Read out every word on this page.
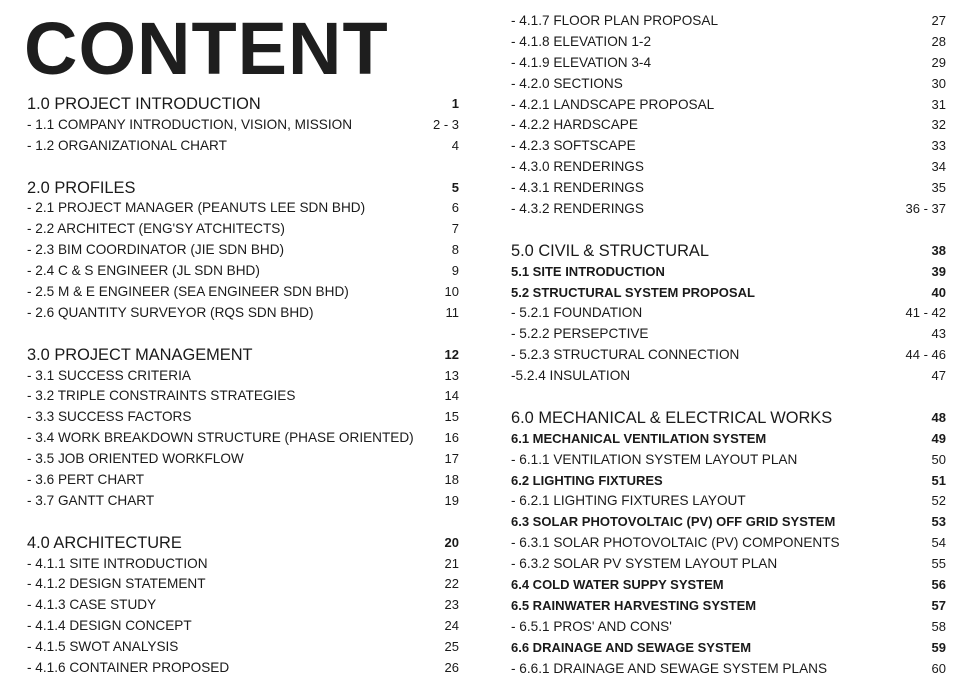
CONTENT
1.0 PROJECT INTRODUCTION	1
- 1.1 COMPANY INTRODUCTION, VISION, MISSION	2 - 3
- 1.2 ORGANIZATIONAL CHART	4
2.0 PROFILES	5
- 2.1 PROJECT MANAGER (PEANUTS LEE SDN BHD)	6
- 2.2 ARCHITECT (ENG'SY ATCHITECTS)	7
- 2.3 BIM COORDINATOR (JIE SDN BHD)	8
- 2.4 C & S ENGINEER (JL SDN BHD)	9
- 2.5 M & E ENGINEER (SEA ENGINEER SDN BHD)	10
- 2.6 QUANTITY SURVEYOR (RQS SDN BHD)	11
3.0 PROJECT MANAGEMENT	12
- 3.1 SUCCESS CRITERIA	13
- 3.2 TRIPLE CONSTRAINTS STRATEGIES	14
- 3.3 SUCCESS FACTORS	15
- 3.4 WORK BREAKDOWN STRUCTURE (PHASE ORIENTED) 16
- 3.5 JOB ORIENTED WORKFLOW	17
- 3.6 PERT CHART	18
- 3.7 GANTT CHART	19
4.0 ARCHITECTURE	20
- 4.1.1 SITE INTRODUCTION	21
- 4.1.2 DESIGN STATEMENT	22
- 4.1.3 CASE STUDY	23
- 4.1.4 DESIGN CONCEPT	24
- 4.1.5 SWOT ANALYSIS	25
- 4.1.6 CONTAINER PROPOSED	26
- 4.1.7 FLOOR PLAN PROPOSAL	27
- 4.1.8 ELEVATION 1-2	28
- 4.1.9 ELEVATION 3-4	29
- 4.2.0 SECTIONS	30
- 4.2.1 LANDSCAPE PROPOSAL	31
- 4.2.2 HARDSCAPE	32
- 4.2.3 SOFTSCAPE	33
- 4.3.0 RENDERINGS	34
- 4.3.1 RENDERINGS	35
- 4.3.2 RENDERINGS	36 - 37
5.0 CIVIL & STRUCTURAL	38
5.1 SITE INTRODUCTION	39
5.2 STRUCTURAL SYSTEM PROPOSAL	40
- 5.2.1 FOUNDATION	41 - 42
- 5.2.2 PERSEPCTIVE	43
- 5.2.3 STRUCTURAL CONNECTION	44 - 46
-5.2.4 INSULATION	47
6.0 MECHANICAL & ELECTRICAL WORKS	48
6.1 MECHANICAL VENTILATION SYSTEM	49
- 6.1.1 VENTILATION SYSTEM LAYOUT PLAN	50
6.2 LIGHTING FIXTURES	51
- 6.2.1 LIGHTING FIXTURES LAYOUT	52
6.3 SOLAR PHOTOVOLTAIC (PV) OFF GRID SYSTEM	53
- 6.3.1 SOLAR PHOTOVOLTAIC (PV) COMPONENTS	54
- 6.3.2 SOLAR PV SYSTEM LAYOUT PLAN	55
6.4 COLD WATER SUPPY SYSTEM	56
6.5 RAINWATER HARVESTING SYSTEM	57
- 6.5.1 PROS' AND CONS'	58
6.6 DRAINAGE AND SEWAGE SYSTEM	59
- 6.6.1 DRAINAGE AND SEWAGE SYSTEM PLANS	60
